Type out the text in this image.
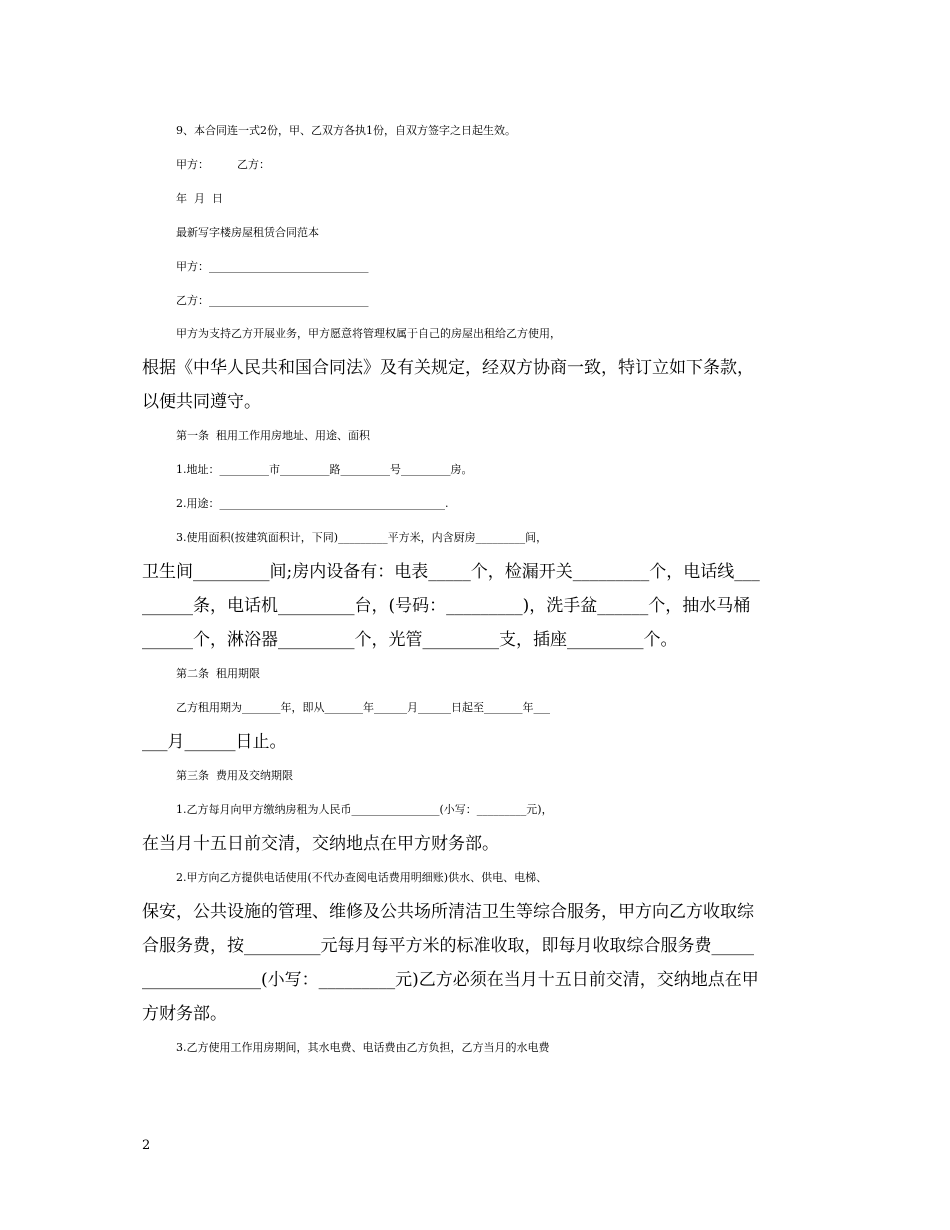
9、本合同连一式2份，甲、乙双方各执1份，自双方签字之日起生效。
甲方：        乙方：
年  月  日
最新写字楼房屋租赁合同范本
甲方：_____________________________
乙方：_____________________________
甲方为支持乙方开展业务，甲方愿意将管理权属于自己的房屋出租给乙方使用，
根据《中华人民共和国合同法》及有关规定，经双方协商一致，特订立如下条款，
以便共同遵守。
第一条  租用工作用房地址、用途、面积
1.地址：_________市_________路_________号_________房。
2.用途：_________________________________________.
3.使用面积(按建筑面积计，下同)_________平方米，内含厨房_________间，
卫生间_________间;房内设备有：电表_____个，检漏开关_________个，电话线___
______条，电话机_________台，(号码：_________)，洗手盆______个，抽水马桶
______个，淋浴器_________个，光管_________支，插座_________个。
第二条  租用期限
乙方租用期为_______年，即从_______年______月______日起至_______年___
___月______日止。
第三条  费用及交纳期限
1.乙方每月向甲方缴纳房租为人民币________________(小写：_________元)，
在当月十五日前交清，交纳地点在甲方财务部。
2.甲方向乙方提供电话使用(不代办查阅电话费用明细账)供水、供电、电梯、
保安，公共设施的管理、维修及公共场所清洁卫生等综合服务，甲方向乙方收取综
合服务费，按_________元每月每平方米的标准收取，即每月收取综合服务费_____
______________(小写：_________元)乙方必须在当月十五日前交清，交纳地点在甲
方财务部。
3.乙方使用工作用房期间，其水电费、电话费由乙方负担，乙方当月的水电费
2
